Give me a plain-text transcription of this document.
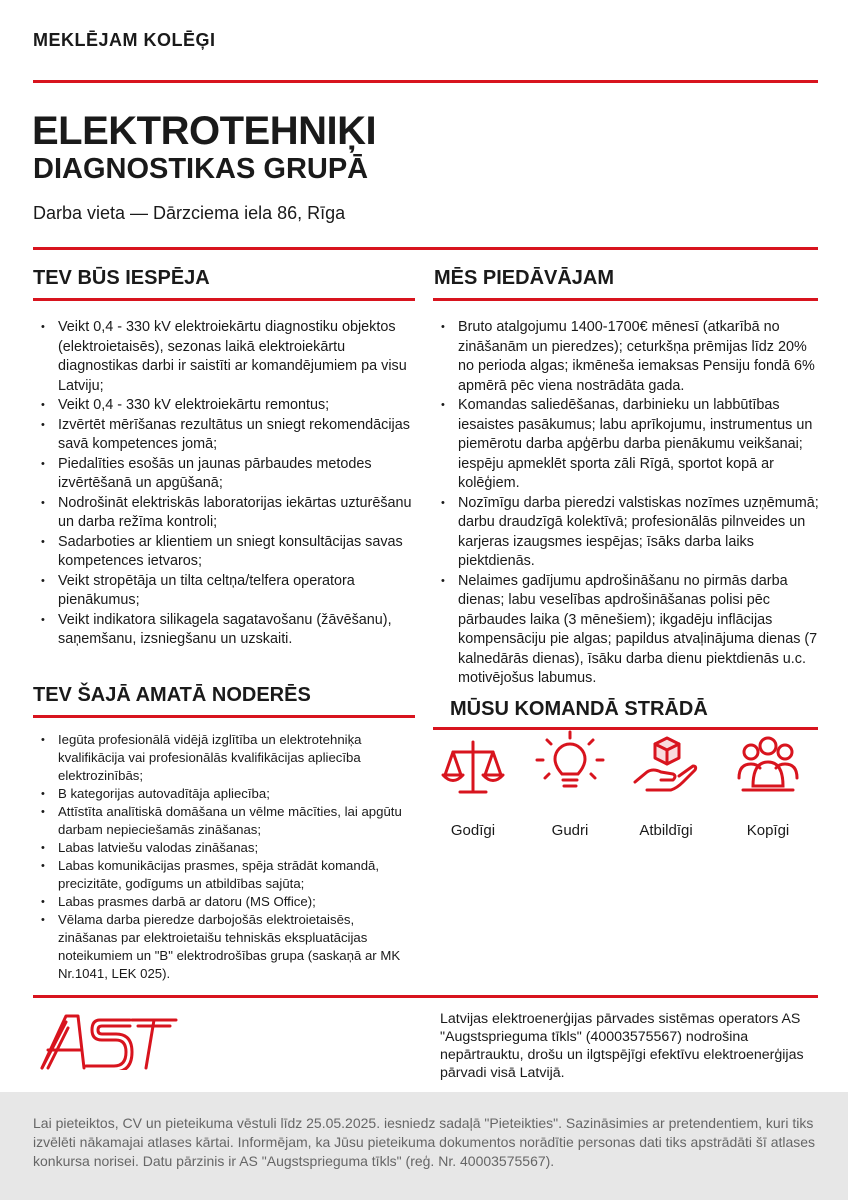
MEKLĒJAM KOLĒĢI
ELEKTROTEHNIĶI
DIAGNOSTIKAS GRUPĀ
Darba vieta — Dārzciema iela 86, Rīga
TEV BŪS IESPĒJA
• Veikt 0,4 - 330 kV elektroiekārtu diagnostiku objektos (elektroietaisēs), sezonas laikā elektroiekārtu diagnostikas darbi ir saistīti ar komandējumiem pa visu Latviju;
• Veikt 0,4 - 330 kV elektroiekārtu remontus;
• Izvērtēt mērīšanas rezultātus un sniegt rekomendācijas savā kompetences jomā;
• Piedalīties esošās un jaunas pārbaudes metodes izvērtēšanā un apgūšanā;
• Nodrošināt elektriskās laboratorijas iekārtas uzturēšanu un darba režīma kontroli;
• Sadarboties ar klientiem un sniegt konsultācijas savas kompetences ietvaros;
• Veikt stropētāja un tilta celtņa/telfera operatora pienākumus;
• Veikt indikatora silikagela sagatavošanu (žāvēšanu), saņemšanu, izsniegšanu un uzskaiti.
MĒS PIEDĀVĀJAM
• Bruto atalgojumu 1400-1700€ mēnesī (atkarībā no zināšanām un pieredzes); ceturkšņa prēmijas līdz 20% no perioda algas; ikmēneša iemaksas Pensiju fondā 6% apmērā pēc viena nostrādāta gada.
• Komandas saliedēšanas, darbinieku un labbūtības iesaistes pasākumus; labu aprīkojumu, instrumentus un piemērotu darba apģērbu darba pienākumu veikšanai; iespēju apmeklēt sporta zāli Rīgā, sportot kopā ar kolēģiem.
• Nozīmīgu darba pieredzi valstiskas nozīmes uzņēmumā; darbu draudzīgā kolektīvā; profesionālās pilnveides un karjeras izaugsmes iespējas; īsāks darba laiks piektdienās.
• Nelaimes gadījumu apdrošināšanu no pirmās darba dienas; labu veselības apdrošināšanas polisi pēc pārbaudes laika (3 mēnešiem); ikgadēju inflācijas kompensāciju pie algas; papildus atvaļinājuma dienas (7 kalnedārās dienas), īsāku darba dienu piektdienās u.c. motivējošus labumus.
TEV ŠAJĀ AMATĀ NODERĒS
• Iegūta profesionālā vidējā izglītība un elektrotehniķa kvalifikācija vai profesionālās kvalifikācijas apliecība elektrozinībās;
• B kategorijas autovadītāja apliecība;
• Attīstīta analītiskā domāšana un vēlme mācīties, lai apgūtu darbam nepieciešamās zināšanas;
• Labas latviešu valodas zināšanas;
• Labas komunikācijas prasmes, spēja strādāt komandā, precizitāte, godīgums un atbildības sajūta;
• Labas prasmes darbā ar datoru (MS Office);
• Vēlama darba pieredze darbojošās elektroietaisēs, zināšanas par elektroietaišu tehniskās ekspluatācijas noteikumiem un "B" elektrodrošības grupa (saskaņā ar MK Nr.1041, LEK 025).
MŪSU KOMANDĀ STRĀDĀ
Godīgi	Gudri	Atbildīgi	Kopīgi
Latvijas elektroenerģijas pārvades sistēmas operators AS "Augstsprieguma tīkls" (40003575567) nodrošina nepārtrauktu, drošu un ilgtspējīgi efektīvu elektroenerģijas pārvadi visā Latvijā.
Lai pieteiktos, CV un pieteikuma vēstuli līdz 25.05.2025. iesniedz sadaļā "Pieteikties". Sazināsimies ar pretendentiem, kuri tiks izvēlēti nākamajai atlases kārtai. Informējam, ka Jūsu pieteikuma dokumentos norādītie personas dati tiks apstrādāti šī atlases konkursa norisei. Datu pārzinis ir AS "Augstsprieguma tīkls" (reģ. Nr. 40003575567).
